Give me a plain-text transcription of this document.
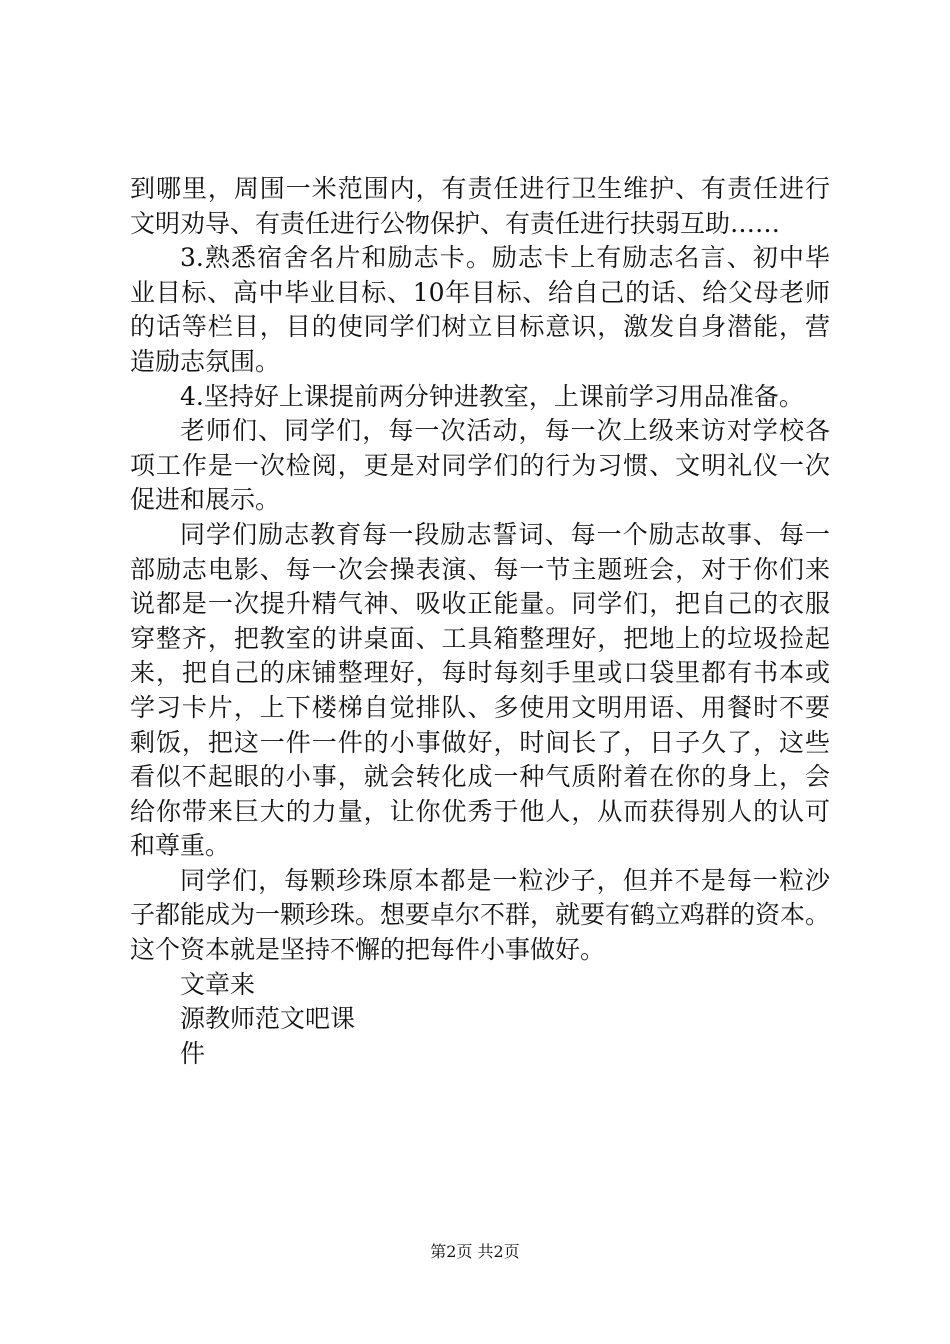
到哪里，周围一米范围内，有责任进行卫生维护、有责任进行
文明劝导、有责任进行公物保护、有责任进行扶弱互助……
3.熟悉宿舍名片和励志卡。励志卡上有励志名言、初中毕
业目标、高中毕业目标、10年目标、给自己的话、给父母老师
的话等栏目，目的使同学们树立目标意识，激发自身潜能，营
造励志氛围。
4.坚持好上课提前两分钟进教室，上课前学习用品准备。
老师们、同学们，每一次活动，每一次上级来访对学校各
项工作是一次检阅，更是对同学们的行为习惯、文明礼仪一次
促进和展示。
同学们励志教育每一段励志誓词、每一个励志故事、每一
部励志电影、每一次会操表演、每一节主题班会，对于你们来
说都是一次提升精气神、吸收正能量。同学们，把自己的衣服
穿整齐，把教室的讲桌面、工具箱整理好，把地上的垃圾捡起
来，把自己的床铺整理好，每时每刻手里或口袋里都有书本或
学习卡片，上下楼梯自觉排队、多使用文明用语、用餐时不要
剩饭，把这一件一件的小事做好，时间长了，日子久了，这些
看似不起眼的小事，就会转化成一种气质附着在你的身上，会
给你带来巨大的力量，让你优秀于他人，从而获得别人的认可
和尊重。
同学们，每颗珍珠原本都是一粒沙子，但并不是每一粒沙
子都能成为一颗珍珠。想要卓尔不群，就要有鹤立鸡群的资本。
这个资本就是坚持不懈的把每件小事做好。
文章来
源教师范文吧课
件
第2页 共2页
